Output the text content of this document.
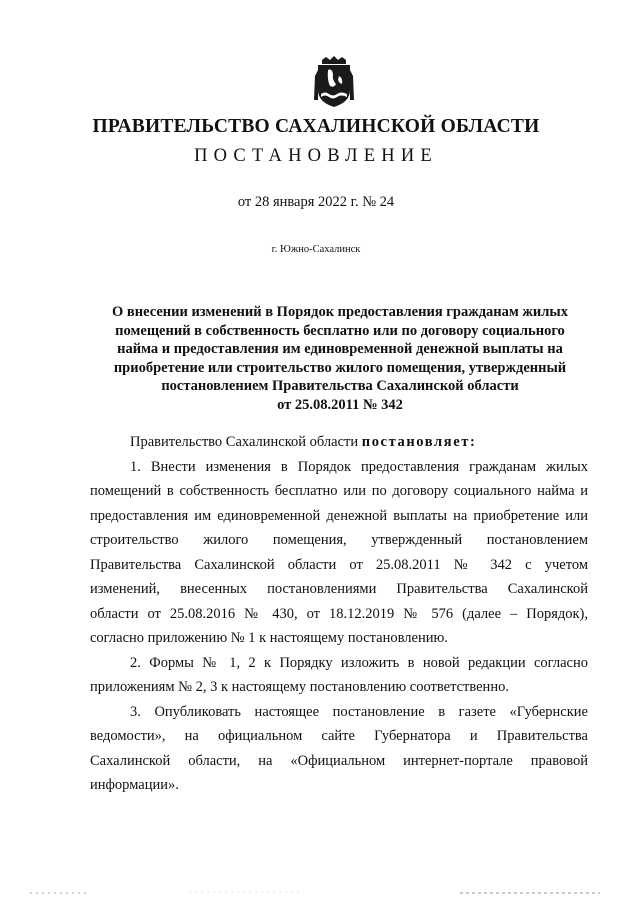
ПРАВИТЕЛЬСТВО САХАЛИНСКОЙ ОБЛАСТИ
ПОСТАНОВЛЕНИЕ
от 28 января 2022 г. № 24
г. Южно-Сахалинск
О внесении изменений в Порядок предоставления гражданам жилых
помещений в собственность бесплатно или по договору социального
найма и предоставления им единовременной денежной выплаты на
приобретение или строительство жилого помещения, утвержденный
постановлением Правительства Сахалинской области
от 25.08.2011 № 342
Правительство Сахалинской области постановляет:
1. Внести изменения в Порядок предоставления гражданам жилых
помещений в собственность бесплатно или по договору социального найма и
предоставления им единовременной денежной выплаты на приобретение или
строительство жилого помещения, утвержденный постановлением
Правительства Сахалинской области от 25.08.2011 № 342 с учетом
изменений, внесенных постановлениями Правительства Сахалинской
области от 25.08.2016 № 430, от 18.12.2019 № 576 (далее – Порядок),
согласно приложению № 1 к настоящему постановлению.
2. Формы № 1, 2 к Порядку изложить в новой редакции согласно
приложениям № 2, 3 к настоящему постановлению соответственно.
3. Опубликовать настоящее постановление в газете «Губернские
ведомости», на официальном сайте Губернатора и Правительства
Сахалинской области, на «Официальном интернет-портале правовой
информации».
